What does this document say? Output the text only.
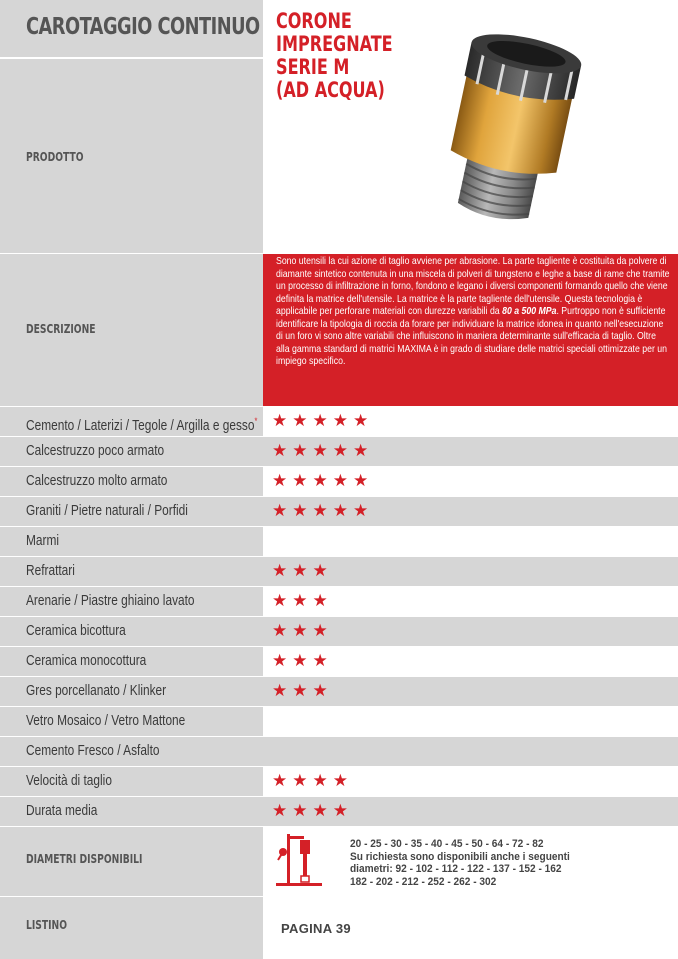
CAROTAGGIO CONTINUO CORONE
IMPREGNATE
SERIE M
(AD ACQUA)
PRODOTTO
Sono utensili la cui azione di taglio avviene per abrasione. La parte tagliente è costituita da polvere di diamante sintetico contenuta in una miscela di polveri di tungsteno e leghe a base di rame che tramite un processo di infiltrazione in forno, fondono e legano i diversi componenti formando quello che viene definita la matrice dell'utensile. La matrice è la parte tagliente dell'utensile. Questa tecnologia è applicabile per perforare materiali con durezze variabili da 80 a 500 MPa. Purtroppo non è sufficiente identificare la tipologia di roccia da forare per individuare la matrice idonea in quanto nell'esecuzione di un foro vi sono altre variabili che influiscono in maniera determinante sull'efficacia di taglio. Oltre alla gamma standard di matrici MAXIMA è in grado di studiare delle matrici speciali ottimizzate per un impiego specifico.
DESCRIZIONE
Cemento / Laterizi / Tegole / Argilla e gesso* ★★★★★
Calcestruzzo poco armato	★★★★★
Calcestruzzo molto armato	★★★★★
Graniti / Pietre naturali / Porfidi	★★★★★
Marmi
Refrattari	★★★
Arenarie / Piastre ghiaino lavato	★★★
Ceramica bicottura	★★★
Ceramica monocottura	★★★
Gres porcellanato / Klinker	★★★
Vetro Mosaico / Vetro Mattone
Cemento Fresco / Asfalto
Velocità di taglio	★★★★
Durata media	★★★★
DIAMETRI DISPONIBILI
20 - 25 - 30 - 35 - 40 - 45 - 50 - 64 - 72 - 82
Su richiesta sono disponibili anche i seguenti
diametri: 92 - 102 - 112 - 122 - 137 - 152 - 162
182 - 202 - 212 - 252 - 262 - 302
LISTINO	PAGINA 39
